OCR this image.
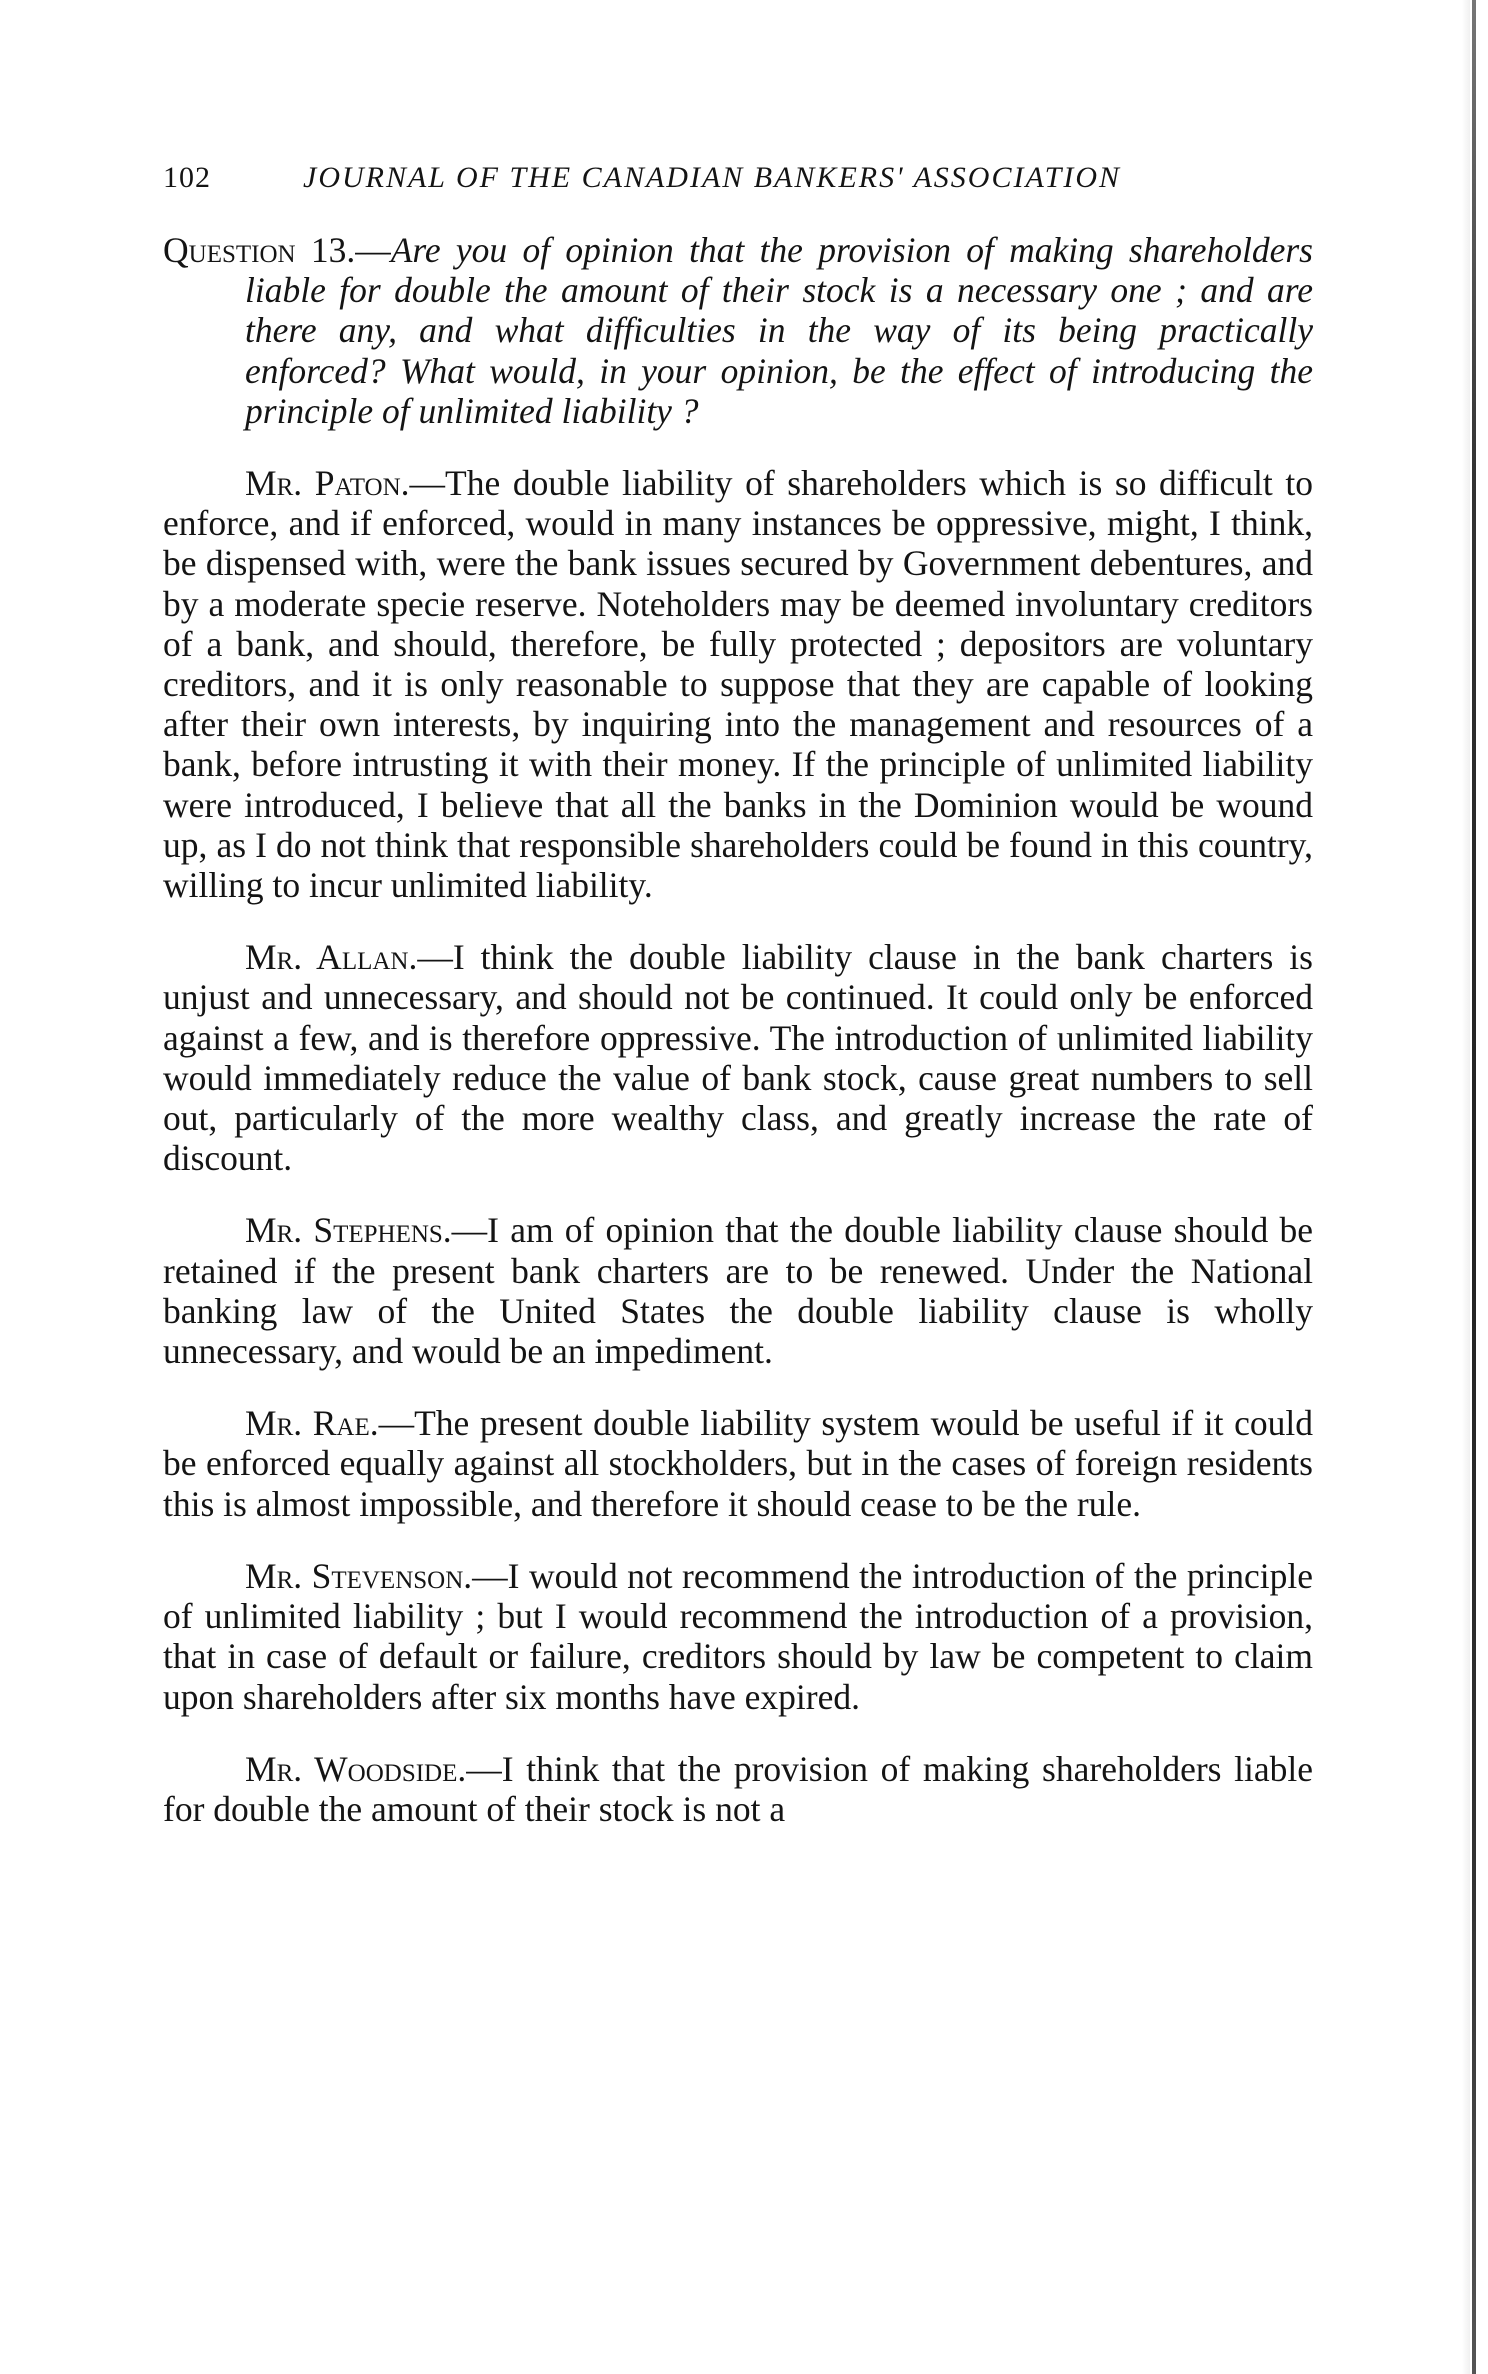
102	JOURNAL OF THE CANADIAN BANKERS' ASSOCIATION

Question 13.—Are you of opinion that the provision of making shareholders liable for double the amount of their stock is a necessary one ; and are there any, and what difficulties in the way of its being practically enforced? What would, in your opinion, be the effect of introducing the principle of unlimited liability ?

Mr. Paton.—The double liability of shareholders which is so difficult to enforce, and if enforced, would in many instances be oppressive, might, I think, be dispensed with, were the bank issues secured by Government debentures, and by a moderate specie reserve. Noteholders may be deemed involuntary creditors of a bank, and should, therefore, be fully protected ; depositors are voluntary creditors, and it is only reasonable to suppose that they are capable of looking after their own interests, by inquiring into the management and resources of a bank, before intrusting it with their money. If the principle of unlimited liability were introduced, I believe that all the banks in the Dominion would be wound up, as I do not think that responsible shareholders could be found in this country, willing to incur unlimited liability.

Mr. Allan.—I think the double liability clause in the bank charters is unjust and unnecessary, and should not be continued. It could only be enforced against a few, and is therefore oppressive. The introduction of unlimited liability would immediately reduce the value of bank stock, cause great numbers to sell out, particularly of the more wealthy class, and greatly increase the rate of discount.

Mr. Stephens.—I am of opinion that the double liability clause should be retained if the present bank charters are to be renewed. Under the National banking law of the United States the double liability clause is wholly unnecessary, and would be an impediment.

Mr. Rae.—The present double liability system would be useful if it could be enforced equally against all stockholders, but in the cases of foreign residents this is almost impossible, and therefore it should cease to be the rule.

Mr. Stevenson.—I would not recommend the introduction of the principle of unlimited liability ; but I would recommend the introduction of a provision, that in case of default or failure, creditors should by law be competent to claim upon shareholders after six months have expired.

Mr. Woodside.—I think that the provision of making shareholders liable for double the amount of their stock is not a
